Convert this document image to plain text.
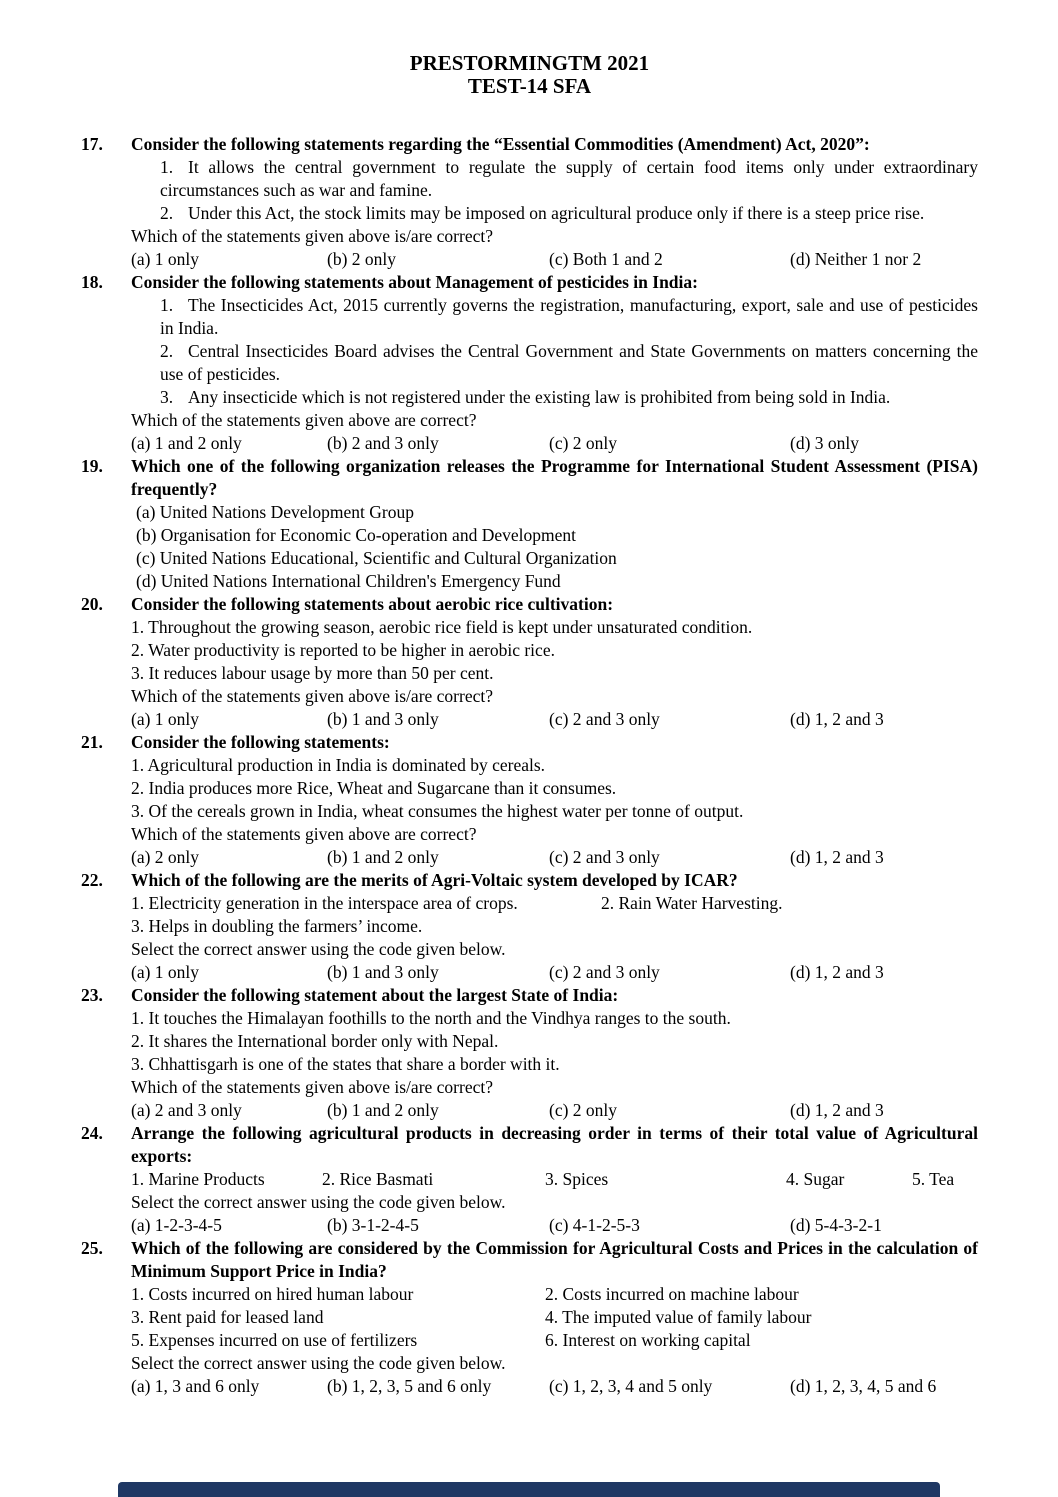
PRESTORMINGTM 2021
TEST-14 SFA
17.	Consider the following statements regarding the “Essential Commodities (Amendment) Act, 2020”:
1. It allows the central government to regulate the supply of certain food items only under extraordinary circumstances such as war and famine.
2. Under this Act, the stock limits may be imposed on agricultural produce only if there is a steep price rise.
Which of the statements given above is/are correct?
(a) 1 only	(b) 2 only	(c) Both 1 and 2	(d) Neither 1 nor 2
18.	Consider the following statements about Management of pesticides in India:
1. The Insecticides Act, 2015 currently governs the registration, manufacturing, export, sale and use of pesticides in India.
2. Central Insecticides Board advises the Central Government and State Governments on matters concerning the use of pesticides.
3. Any insecticide which is not registered under the existing law is prohibited from being sold in India.
Which of the statements given above are correct?
(a) 1 and 2 only	(b) 2 and 3 only	(c) 2 only	(d) 3 only
19.	Which one of the following organization releases the Programme for International Student Assessment (PISA) frequently?
(a) United Nations Development Group
(b) Organisation for Economic Co-operation and Development
(c) United Nations Educational, Scientific and Cultural Organization
(d) United Nations International Children's Emergency Fund
20.	Consider the following statements about aerobic rice cultivation:
1. Throughout the growing season, aerobic rice field is kept under unsaturated condition.
2. Water productivity is reported to be higher in aerobic rice.
3. It reduces labour usage by more than 50 per cent.
Which of the statements given above is/are correct?
(a) 1 only	(b) 1 and 3 only	(c) 2 and 3 only	(d) 1, 2 and 3
21.	Consider the following statements:
1. Agricultural production in India is dominated by cereals.
2. India produces more Rice, Wheat and Sugarcane than it consumes.
3. Of the cereals grown in India, wheat consumes the highest water per tonne of output.
Which of the statements given above are correct?
(a) 2 only	(b) 1 and 2 only	(c) 2 and 3 only	(d) 1, 2 and 3
22.	Which of the following are the merits of Agri-Voltaic system developed by ICAR?
1. Electricity generation in the interspace area of crops.	2. Rain Water Harvesting.
3. Helps in doubling the farmers’ income.
Select the correct answer using the code given below.
(a) 1 only	(b) 1 and 3 only	(c) 2 and 3 only	(d) 1, 2 and 3
23.	Consider the following statement about the largest State of India:
1. It touches the Himalayan foothills to the north and the Vindhya ranges to the south.
2. It shares the International border only with Nepal.
3. Chhattisgarh is one of the states that share a border with it.
Which of the statements given above is/are correct?
(a) 2 and 3 only	(b) 1 and 2 only	(c) 2 only	(d) 1, 2 and 3
24.	Arrange the following agricultural products in decreasing order in terms of their total value of Agricultural exports:
1. Marine Products	2. Rice Basmati	3. Spices	4. Sugar	5. Tea
Select the correct answer using the code given below.
(a) 1-2-3-4-5	(b) 3-1-2-4-5	(c) 4-1-2-5-3	(d) 5-4-3-2-1
25.	Which of the following are considered by the Commission for Agricultural Costs and Prices in the calculation of Minimum Support Price in India?
1. Costs incurred on hired human labour	2. Costs incurred on machine labour
3. Rent paid for leased land	4. The imputed value of family labour
5. Expenses incurred on use of fertilizers	6. Interest on working capital
Select the correct answer using the code given below.
(a) 1, 3 and 6 only	(b) 1, 2, 3, 5 and 6 only	(c) 1, 2, 3, 4 and 5 only	(d) 1, 2, 3, 4, 5 and 6
